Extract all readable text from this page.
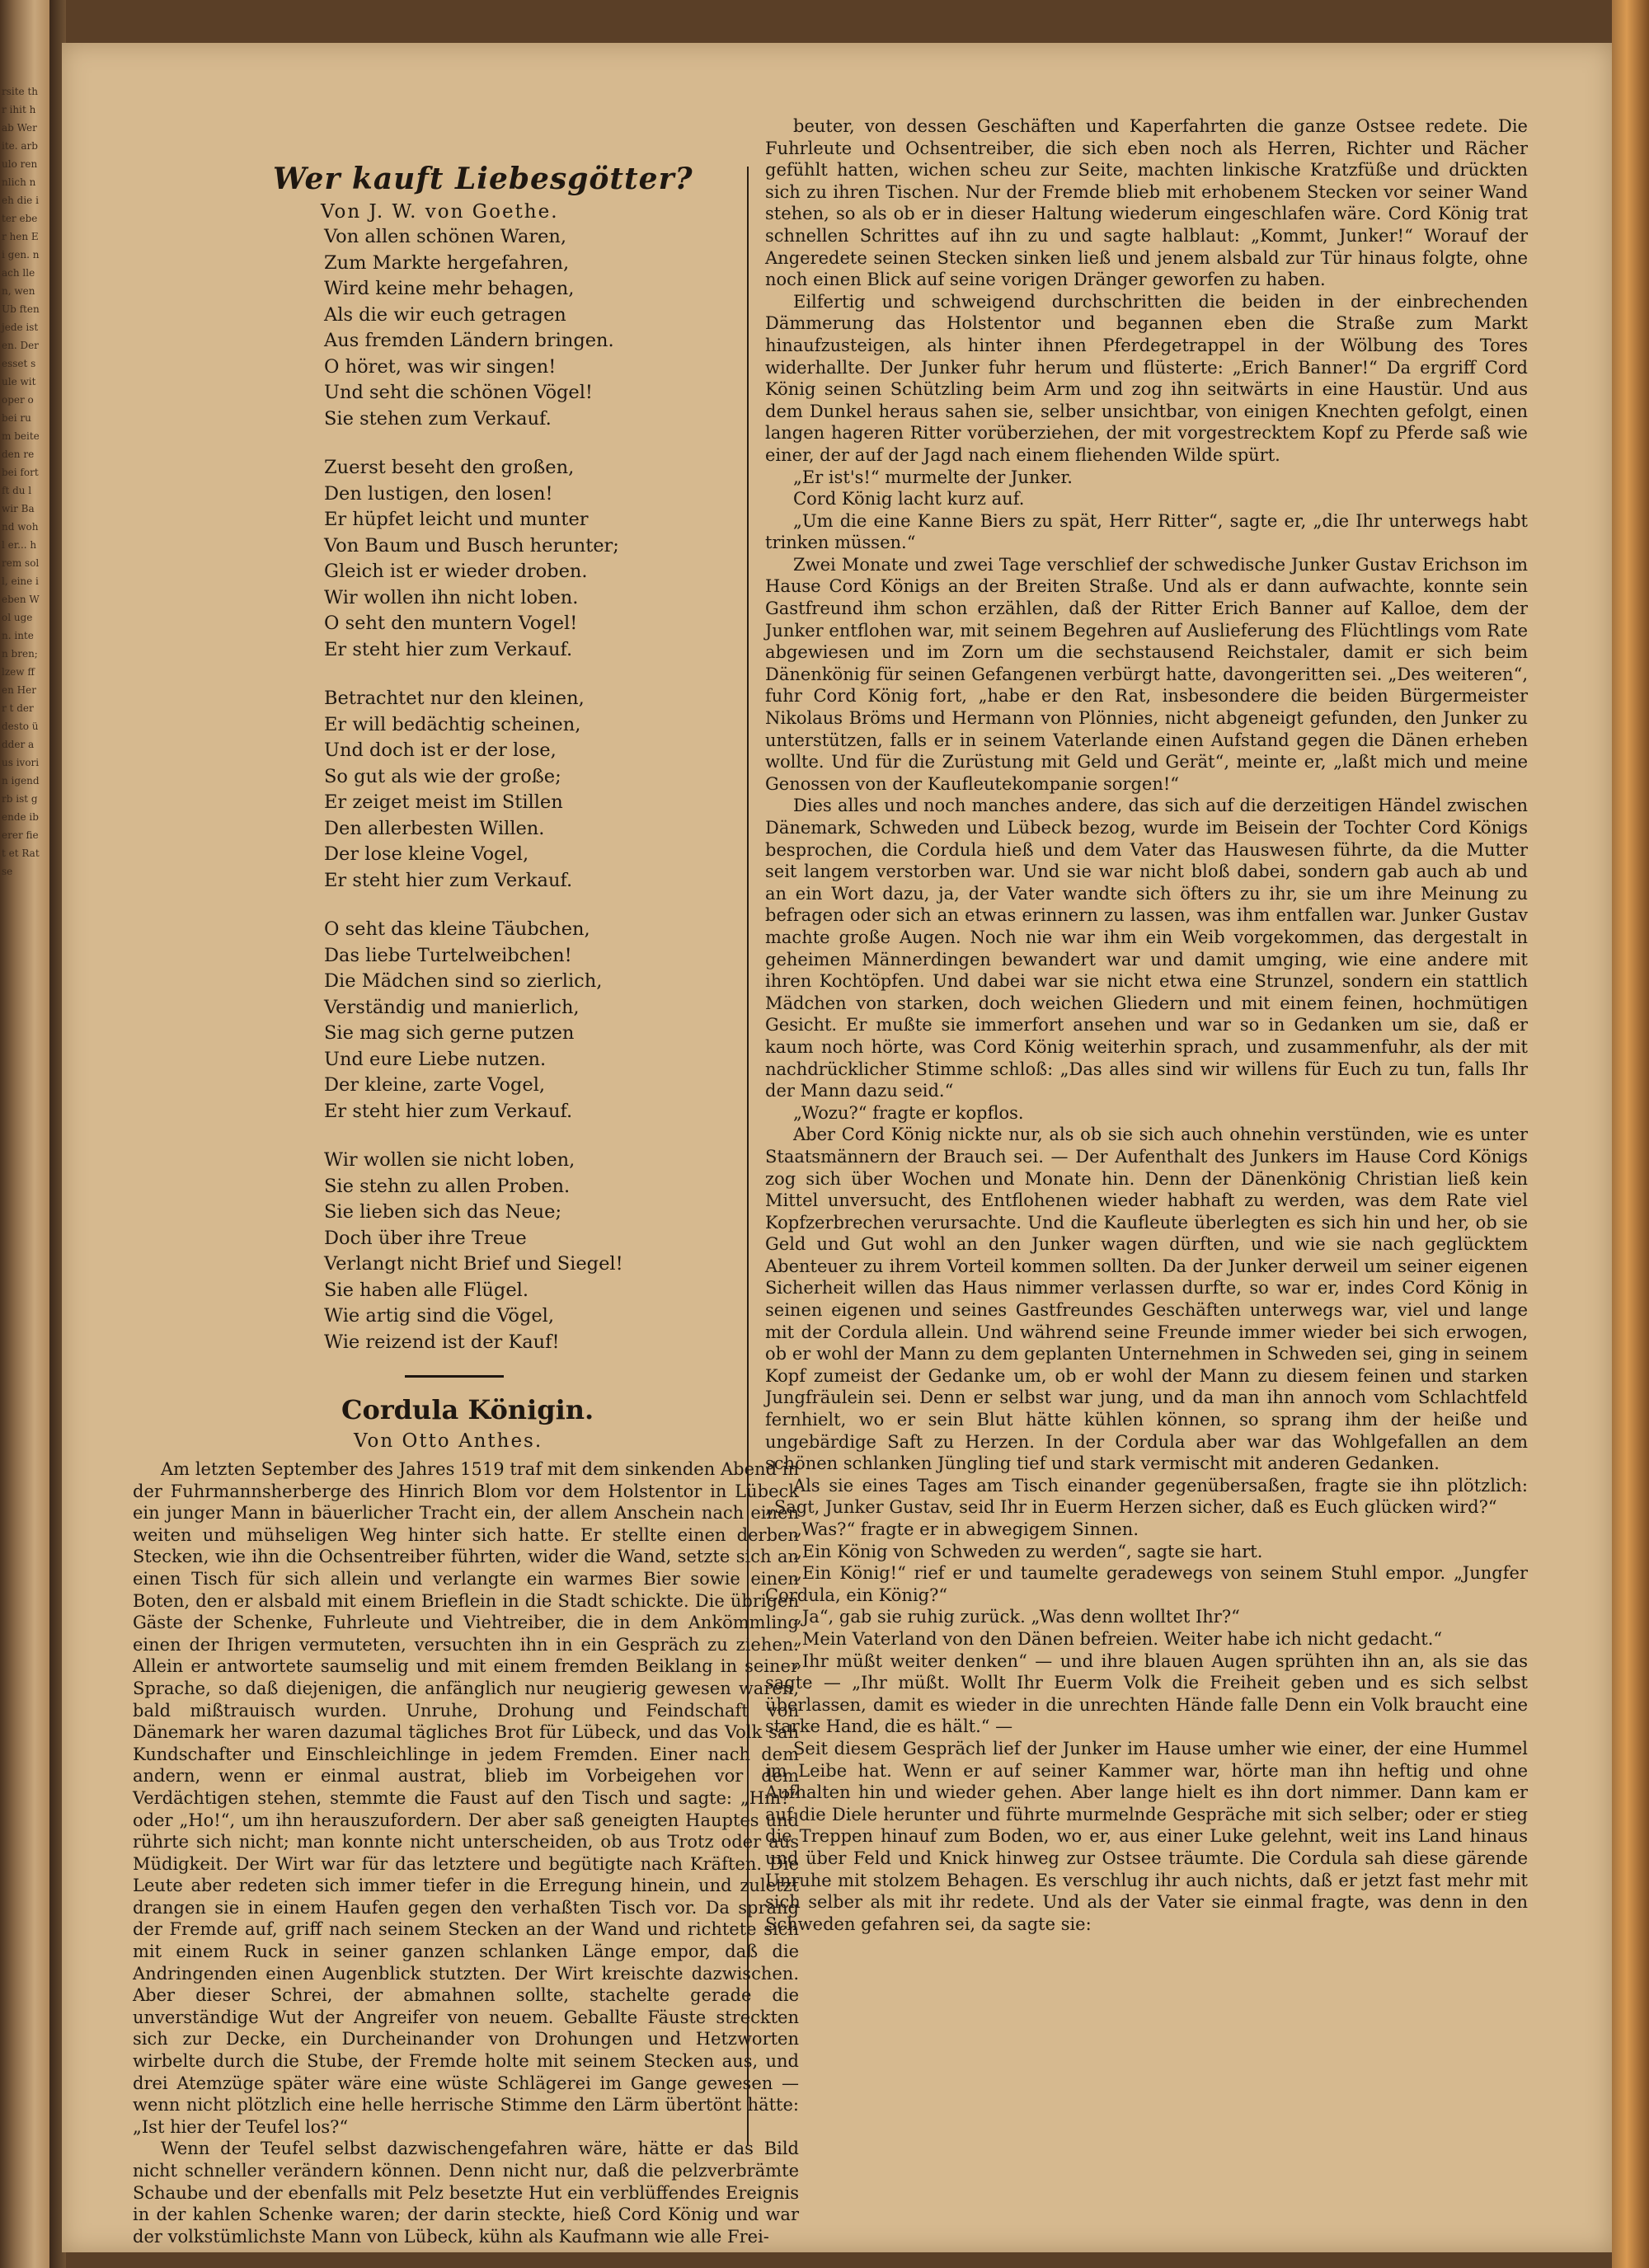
rsite thr ihit hab Wer ite. arb ulo ren nlich neh die iter eber hen Ei gen. nach llen, wen Ub ften jede isten. Der esset sule wit oper obei rum beite den rebei fort ft du l wir Band wohl er... hrem soll, eine ieben Wol ugen. inten bren; lzew ffen Herr t der desto üdder aus ivorin igend rb ist gende iberer fiet et Ratse
Wer kauft Liebesgötter?
Von J. W. von Goethe.
Von allen schönen Waren,
Zum Markte hergefahren,
Wird keine mehr behagen,
Als die wir euch getragen
Aus fremden Ländern bringen.
O höret, was wir singen!
Und seht die schönen Vögel!
Sie stehen zum Verkauf.
Zuerst beseht den großen,
Den lustigen, den losen!
Er hüpfet leicht und munter
Von Baum und Busch herunter;
Gleich ist er wieder droben.
Wir wollen ihn nicht loben.
O seht den muntern Vogel!
Er steht hier zum Verkauf.
Betrachtet nur den kleinen,
Er will bedächtig scheinen,
Und doch ist er der lose,
So gut als wie der große;
Er zeiget meist im Stillen
Den allerbesten Willen.
Der lose kleine Vogel,
Er steht hier zum Verkauf.
O seht das kleine Täubchen,
Das liebe Turtelweibchen!
Die Mädchen sind so zierlich,
Verständig und manierlich,
Sie mag sich gerne putzen
Und eure Liebe nutzen.
Der kleine, zarte Vogel,
Er steht hier zum Verkauf.
Wir wollen sie nicht loben,
Sie stehn zu allen Proben.
Sie lieben sich das Neue;
Doch über ihre Treue
Verlangt nicht Brief und Siegel!
Sie haben alle Flügel.
Wie artig sind die Vögel,
Wie reizend ist der Kauf!
Cordula Königin.
Von Otto Anthes.

Am letzten September des Jahres 1519 traf mit dem sinkenden Abend in der Fuhrmannsherberge des Hinrich Blom vor dem Holstentor in Lübeck ein junger Mann in bäuerlicher Tracht ein, der allem Anschein nach einen weiten und mühseligen Weg hinter sich hatte. Er stellte einen derben Stecken, wie ihn die Ochsentreiber führten, wider die Wand, setzte sich an einen Tisch für sich allein und verlangte ein warmes Bier sowie einen Boten, den er alsbald mit einem Brieflein in die Stadt schickte. Die übrigen Gäste der Schenke, Fuhrleute und Viehtreiber, die in dem Ankömmling einen der Ihrigen vermuteten, versuchten ihn in ein Gespräch zu ziehen. Allein er antwortete saumselig und mit einem fremden Beiklang in seiner Sprache, so daß diejenigen, die anfänglich nur neugierig gewesen waren, bald mißtrauisch wurden. Unruhe, Drohung und Feindschaft von Dänemark her waren dazumal tägliches Brot für Lübeck, und das Volk sah Kundschafter und Einschleichlinge in jedem Fremden. Einer nach dem andern, wenn er einmal austrat, blieb im Vorbeigehen vor dem Verdächtigen stehen, stemmte die Faust auf den Tisch und sagte: „Hm?“ oder „Ho!“, um ihn herauszufordern. Der aber saß geneigten Hauptes und rührte sich nicht; man konnte nicht unterscheiden, ob aus Trotz oder aus Müdigkeit. Der Wirt war für das letztere und begütigte nach Kräften. Die Leute aber redeten sich immer tiefer in die Erregung hinein, und zuletzt drangen sie in einem Haufen gegen den verhaßten Tisch vor. Da sprang der Fremde auf, griff nach seinem Stecken an der Wand und richtete sich mit einem Ruck in seiner ganzen schlanken Länge empor, daß die Andringenden einen Augenblick stutzten. Der Wirt kreischte dazwischen. Aber dieser Schrei, der abmahnen sollte, stachelte gerade die unverständige Wut der Angreifer von neuem. Geballte Fäuste streckten sich zur Decke, ein Durcheinander von Drohungen und Hetzworten wirbelte durch die Stube, der Fremde holte mit seinem Stecken aus, und drei Atemzüge später wäre eine wüste Schlägerei im Gange gewesen — wenn nicht plötzlich eine helle herrische Stimme den Lärm übertönt hätte: „Ist hier der Teufel los?“

Wenn der Teufel selbst dazwischengefahren wäre, hätte er das Bild nicht schneller verändern können. Denn nicht nur, daß die pelzverbrämte Schaube und der ebenfalls mit Pelz besetzte Hut ein verblüffendes Ereignis in der kahlen Schenke waren; der darin steckte, hieß Cord König und war der volkstümlichste Mann von Lübeck, kühn als Kaufmann wie alle Frei-

beuter, von dessen Geschäften und Kaperfahrten die ganze Ostsee redete. Die Fuhrleute und Ochsentreiber, die sich eben noch als Herren, Richter und Rächer gefühlt hatten, wichen scheu zur Seite, machten linkische Kratzfüße und drückten sich zu ihren Tischen. Nur der Fremde blieb mit erhobenem Stecken vor seiner Wand stehen, so als ob er in dieser Haltung wiederum eingeschlafen wäre. Cord König trat schnellen Schrittes auf ihn zu und sagte halblaut: „Kommt, Junker!“ Worauf der Angeredete seinen Stecken sinken ließ und jenem alsbald zur Tür hinaus folgte, ohne noch einen Blick auf seine vorigen Dränger geworfen zu haben.

Eilfertig und schweigend durchschritten die beiden in der einbrechenden Dämmerung das Holstentor und begannen eben die Straße zum Markt hinaufzusteigen, als hinter ihnen Pferdegetrappel in der Wölbung des Tores widerhallte. Der Junker fuhr herum und flüsterte: „Erich Banner!“ Da ergriff Cord König seinen Schützling beim Arm und zog ihn seitwärts in eine Haustür. Und aus dem Dunkel heraus sahen sie, selber unsichtbar, von einigen Knechten gefolgt, einen langen hageren Ritter vorüberziehen, der mit vorgestrecktem Kopf zu Pferde saß wie einer, der auf der Jagd nach einem fliehenden Wilde spürt.

„Er ist's!“ murmelte der Junker.

Cord König lacht kurz auf.

„Um die eine Kanne Biers zu spät, Herr Ritter“, sagte er, „die Ihr unterwegs habt trinken müssen.“

Zwei Monate und zwei Tage verschlief der schwedische Junker Gustav Erichson im Hause Cord Königs an der Breiten Straße. Und als er dann aufwachte, konnte sein Gastfreund ihm schon erzählen, daß der Ritter Erich Banner auf Kalloe, dem der Junker entflohen war, mit seinem Begehren auf Auslieferung des Flüchtlings vom Rate abgewiesen und im Zorn um die sechstausend Reichstaler, damit er sich beim Dänenkönig für seinen Gefangenen verbürgt hatte, davongeritten sei. „Des weiteren“, fuhr Cord König fort, „habe er den Rat, insbesondere die beiden Bürgermeister Nikolaus Bröms und Hermann von Plönnies, nicht abgeneigt gefunden, den Junker zu unterstützen, falls er in seinem Vaterlande einen Aufstand gegen die Dänen erheben wollte. Und für die Zurüstung mit Geld und Gerät“, meinte er, „laßt mich und meine Genossen von der Kaufleutekompanie sorgen!“

Dies alles und noch manches andere, das sich auf die derzeitigen Händel zwischen Dänemark, Schweden und Lübeck bezog, wurde im Beisein der Tochter Cord Königs besprochen, die Cordula hieß und dem Vater das Hauswesen führte, da die Mutter seit langem verstorben war. Und sie war nicht bloß dabei, sondern gab auch ab und an ein Wort dazu, ja, der Vater wandte sich öfters zu ihr, sie um ihre Meinung zu befragen oder sich an etwas erinnern zu lassen, was ihm entfallen war. Junker Gustav machte große Augen. Noch nie war ihm ein Weib vorgekommen, das dergestalt in geheimen Männerdingen bewandert war und damit umging, wie eine andere mit ihren Kochtöpfen. Und dabei war sie nicht etwa eine Strunzel, sondern ein stattlich Mädchen von starken, doch weichen Gliedern und mit einem feinen, hochmütigen Gesicht. Er mußte sie immerfort ansehen und war so in Gedanken um sie, daß er kaum noch hörte, was Cord König weiterhin sprach, und zusammenfuhr, als der mit nachdrücklicher Stimme schloß: „Das alles sind wir willens für Euch zu tun, falls Ihr der Mann dazu seid.“

„Wozu?“ fragte er kopflos.

Aber Cord König nickte nur, als ob sie sich auch ohnehin verstünden, wie es unter Staatsmännern der Brauch sei. — Der Aufenthalt des Junkers im Hause Cord Königs zog sich über Wochen und Monate hin. Denn der Dänenkönig Christian ließ kein Mittel unversucht, des Entflohenen wieder habhaft zu werden, was dem Rate viel Kopfzerbrechen verursachte. Und die Kaufleute überlegten es sich hin und her, ob sie Geld und Gut wohl an den Junker wagen dürften, und wie sie nach geglücktem Abenteuer zu ihrem Vorteil kommen sollten. Da der Junker derweil um seiner eigenen Sicherheit willen das Haus nimmer verlassen durfte, so war er, indes Cord König in seinen eigenen und seines Gastfreundes Geschäften unterwegs war, viel und lange mit der Cordula allein. Und während seine Freunde immer wieder bei sich erwogen, ob er wohl der Mann zu dem geplanten Unternehmen in Schweden sei, ging in seinem Kopf zumeist der Gedanke um, ob er wohl der Mann zu diesem feinen und starken Jungfräulein sei. Denn er selbst war jung, und da man ihn annoch vom Schlachtfeld fernhielt, wo er sein Blut hätte kühlen können, so sprang ihm der heiße und ungebärdige Saft zu Herzen. In der Cordula aber war das Wohlgefallen an dem schönen schlanken Jüngling tief und stark vermischt mit anderen Gedanken.

Als sie eines Tages am Tisch einander gegenübersaßen, fragte sie ihn plötzlich: „Sagt, Junker Gustav, seid Ihr in Euerm Herzen sicher, daß es Euch glücken wird?“

„Was?“ fragte er in abwegigem Sinnen.

„Ein König von Schweden zu werden“, sagte sie hart.

„Ein König!“ rief er und taumelte geradewegs von seinem Stuhl empor. „Jungfer Cordula, ein König?“

„Ja“, gab sie ruhig zurück. „Was denn wolltet Ihr?“

„Mein Vaterland von den Dänen befreien. Weiter habe ich nicht gedacht.“

„Ihr müßt weiter denken“ — und ihre blauen Augen sprühten ihn an, als sie das sagte — „Ihr müßt. Wollt Ihr Euerm Volk die Freiheit geben und es sich selbst überlassen, damit es wieder in die unrechten Hände falle Denn ein Volk braucht eine starke Hand, die es hält.“ —

Seit diesem Gespräch lief der Junker im Hause umher wie einer, der eine Hummel im Leibe hat. Wenn er auf seiner Kammer war, hörte man ihn heftig und ohne Aufhalten hin und wieder gehen. Aber lange hielt es ihn dort nimmer. Dann kam er auf die Diele herunter und führte murmelnde Gespräche mit sich selber; oder er stieg die Treppen hinauf zum Boden, wo er, aus einer Luke gelehnt, weit ins Land hinaus und über Feld und Knick hinweg zur Ostsee träumte. Die Cordula sah diese gärende Unruhe mit stolzem Behagen. Es verschlug ihr auch nichts, daß er jetzt fast mehr mit sich selber als mit ihr redete. Und als der Vater sie einmal fragte, was denn in den Schweden gefahren sei, da sagte sie:
